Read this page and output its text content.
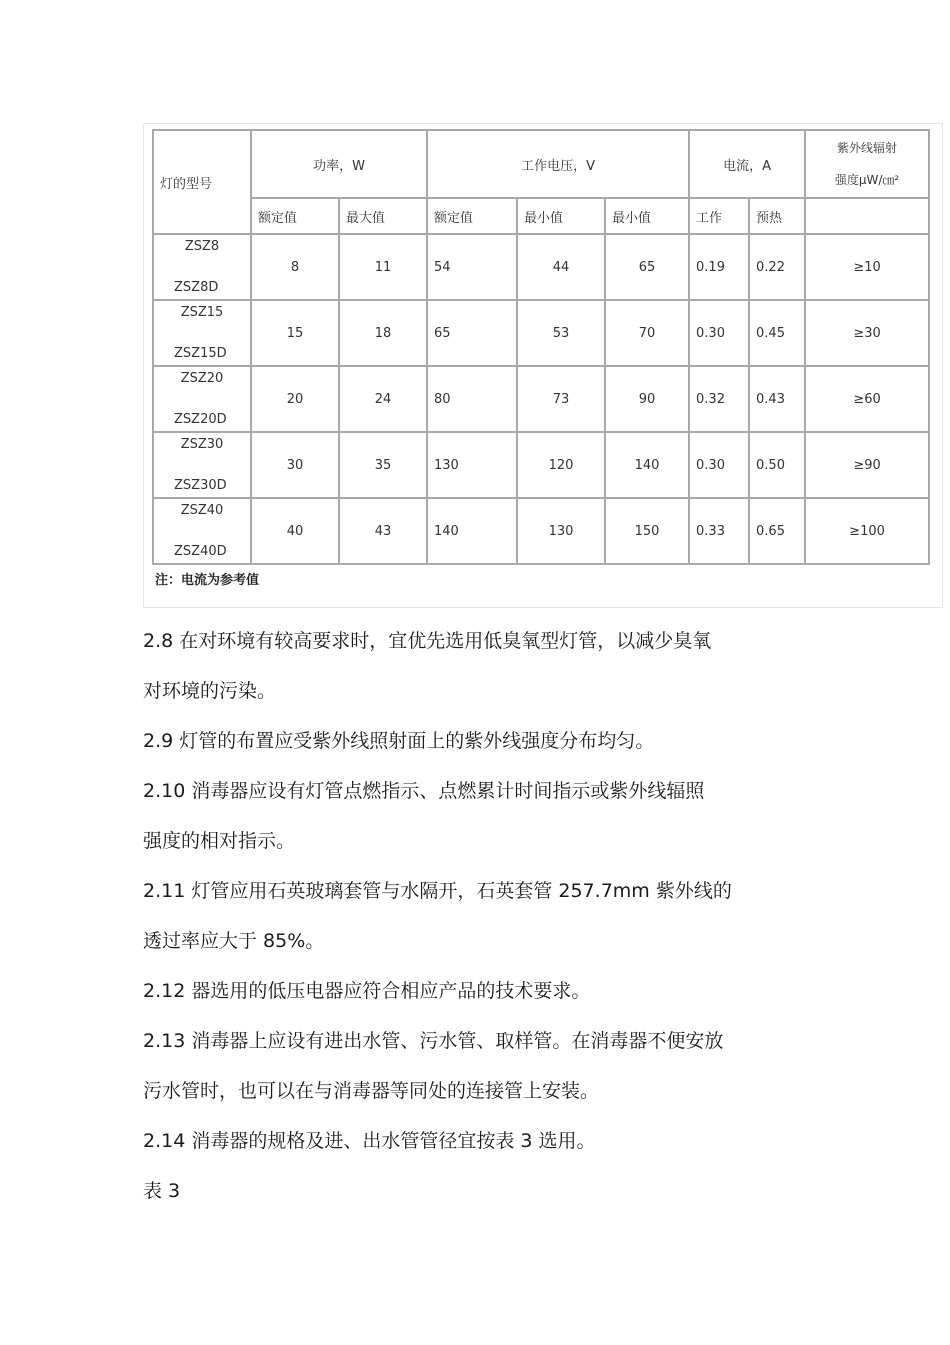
灯的型号	功率，W		工作电压，V			电流，A		紫外线辐射
强度μW/㎝²

	额定值	最大值	额定值	最小值	最小值	工作	预热	

ZSZ8
ZSZ8D	8	11	54	44	65	0.19	0.22	≥10

ZSZ15
ZSZ15D	15	18	65	53	70	0.30	0.45	≥30

ZSZ20
ZSZ20D	20	24	80	73	90	0.32	0.43	≥60

ZSZ30
ZSZ30D	30	35	130	120	140	0.30	0.50	≥90

ZSZ40
ZSZ40D	40	43	140	130	150	0.33	0.65	≥100
注：电流为参考值								

2.8 在对环境有较高要求时，宜优先选用低臭氧型灯管，以减少臭氧

对环境的污染。

2.9 灯管的布置应受紫外线照射面上的紫外线强度分布均匀。

2.10 消毒器应设有灯管点燃指示、点燃累计时间指示或紫外线辐照

强度的相对指示。

2.11 灯管应用石英玻璃套管与水隔开，石英套管 257.7mm 紫外线的

透过率应大于 85%。

2.12 器选用的低压电器应符合相应产品的技术要求。

2.13 消毒器上应设有进出水管、污水管、取样管。在消毒器不便安放

污水管时，也可以在与消毒器等同处的连接管上安装。

2.14 消毒器的规格及进、出水管管径宜按表 3 选用。

表 3
